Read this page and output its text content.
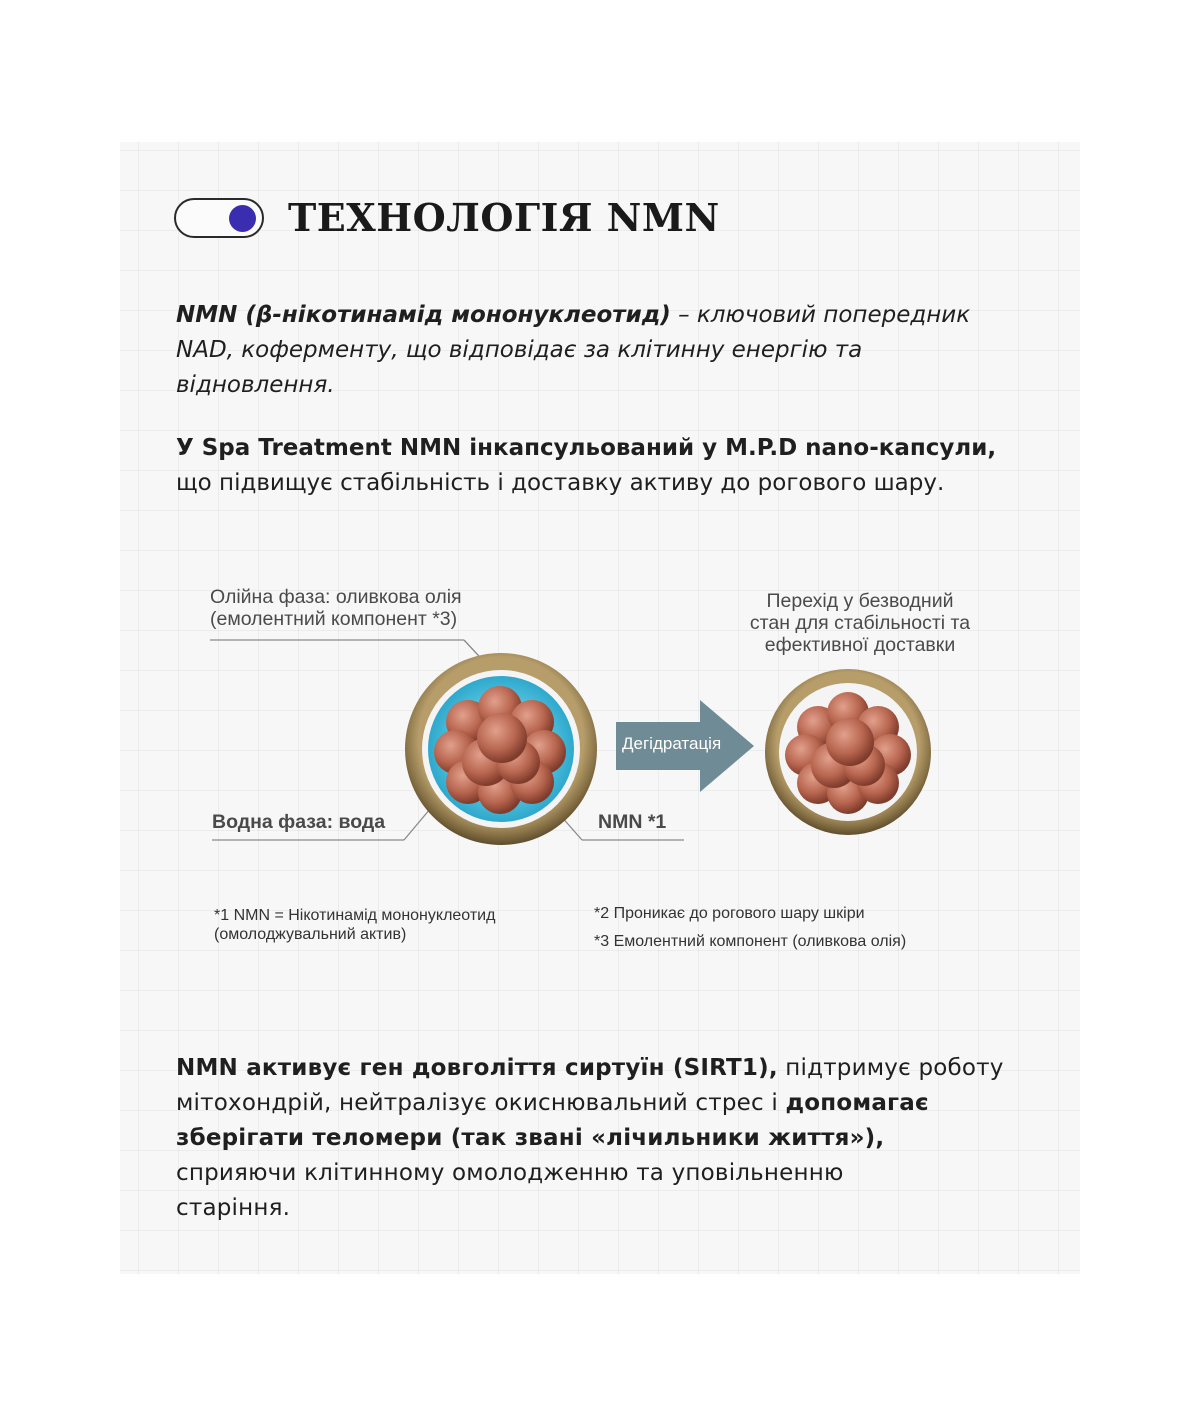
ТЕХНОЛОГІЯ NMN
NMN (β-нікотинамід мононуклеотид) – ключовий попередник
NAD, коферменту, що відповідає за клітинну енергію та
відновлення.
У Spa Treatment NMN інкапсульований у M.P.D nano-капсули,
що підвищує стабільність і доставку активу до рогового шару.
Олійна фаза: оливкова олія
(емолентний компонент *3)
Водна фаза: вода	NMN *1
Дегідратація
Перехід у безводний
стан для стабільності та
ефективної доставки
*1 NMN = Нікотинамід мононуклеотид
(омолоджувальний актив)
*2 Проникає до рогового шару шкіри
*3 Емолентний компонент (оливкова олія)
NMN активує ген довголіття сиртуїн (SIRT1), підтримує роботу
мітохондрій, нейтралізує окиснювальний стрес і допомагає
зберігати теломери (так звані «лічильники життя»),
сприяючи клітинному омолодженню та уповільненню
старіння.
